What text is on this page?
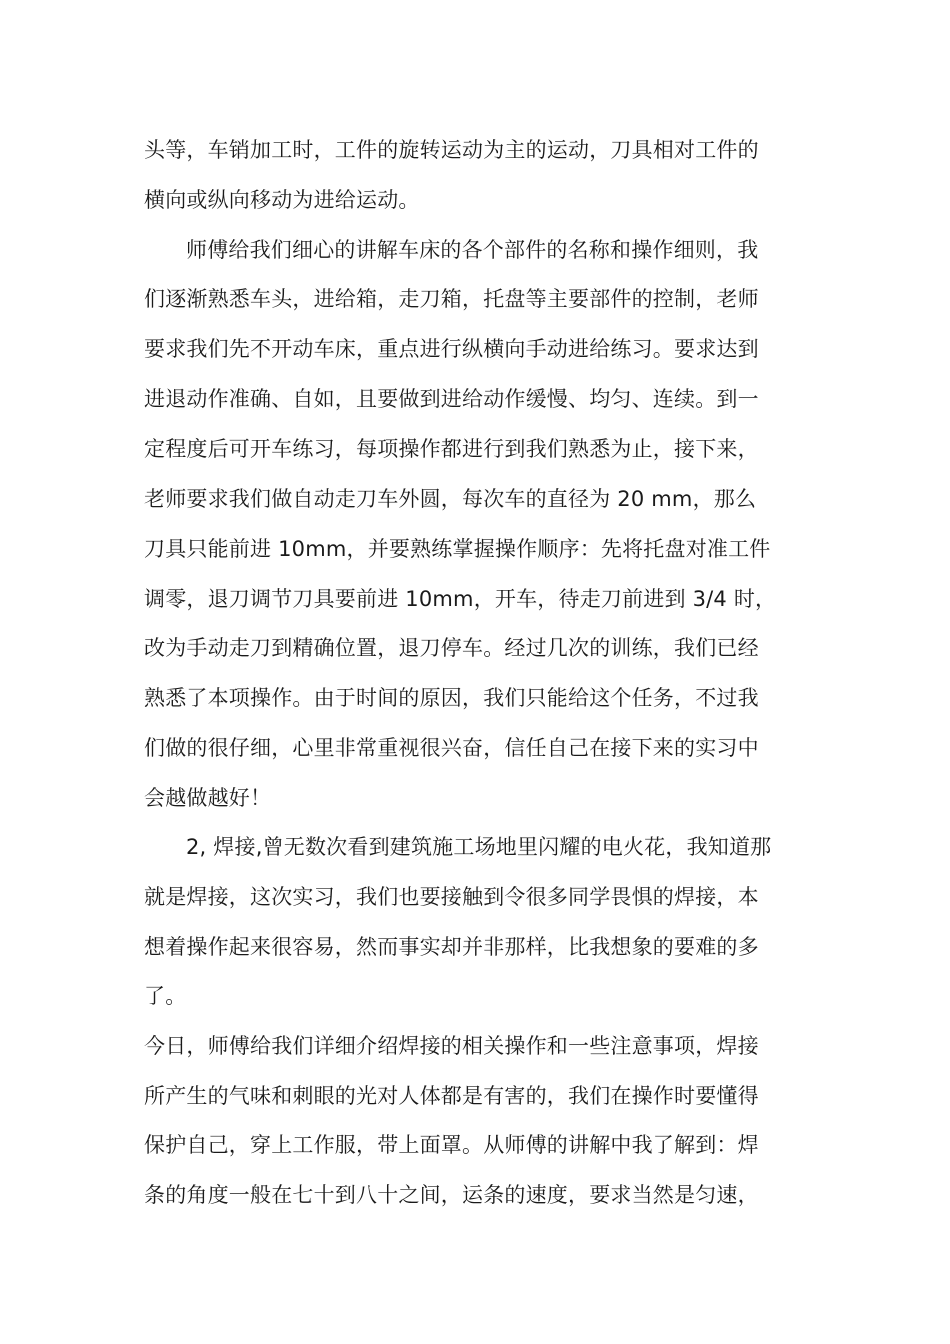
头等，车销加工时，工件的旋转运动为主的运动，刀具相对工件的
横向或纵向移动为进给运动。
师傅给我们细心的讲解车床的各个部件的名称和操作细则，我
们逐渐熟悉车头，进给箱，走刀箱，托盘等主要部件的控制，老师
要求我们先不开动车床，重点进行纵横向手动进给练习。要求达到
进退动作准确、自如，且要做到进给动作缓慢、均匀、连续。到一
定程度后可开车练习，每项操作都进行到我们熟悉为止，接下来，
老师要求我们做自动走刀车外圆，每次车的直径为 20 mm，那么
刀具只能前进 10mm，并要熟练掌握操作顺序：先将托盘对准工件
调零，退刀调节刀具要前进 10mm，开车，待走刀前进到 3/4 时，
改为手动走刀到精确位置，退刀停车。经过几次的训练，我们已经
熟悉了本项操作。由于时间的原因，我们只能给这个任务，不过我
们做的很仔细，心里非常重视很兴奋，信任自己在接下来的实习中
会越做越好！
2, 焊接,曾无数次看到建筑施工场地里闪耀的电火花，我知道那
就是焊接，这次实习，我们也要接触到令很多同学畏惧的焊接，本
想着操作起来很容易，然而事实却并非那样，比我想象的要难的多
了。
今日，师傅给我们详细介绍焊接的相关操作和一些注意事项，焊接
所产生的气味和刺眼的光对人体都是有害的，我们在操作时要懂得
保护自己，穿上工作服，带上面罩。从师傅的讲解中我了解到：焊
条的角度一般在七十到八十之间，运条的速度，要求当然是匀速，
